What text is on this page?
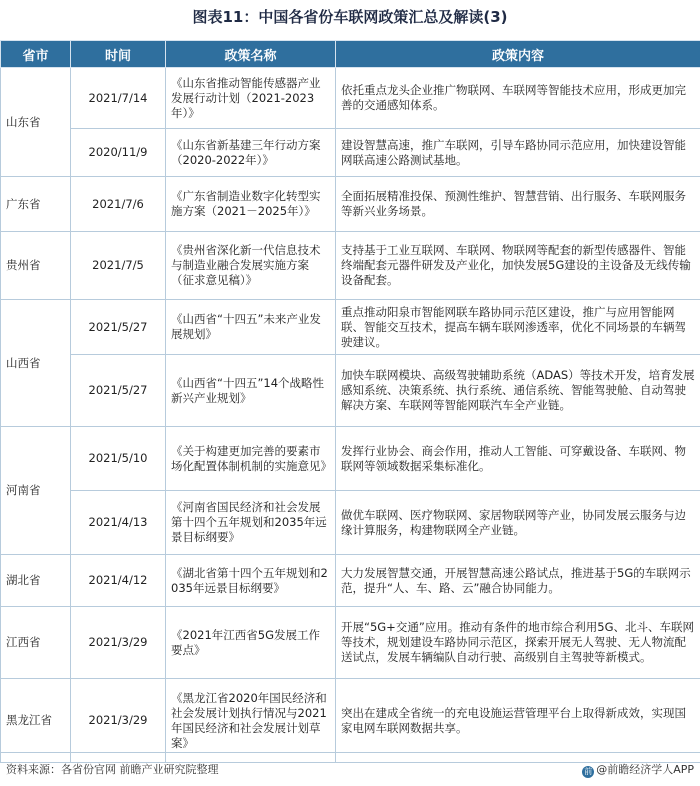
图表11：中国各省份车联网政策汇总及解读(3)
省市	时间	政策名称	政策内容
山东省	2021/7/14	《山东省推动智能传感器产业发展行动计划（2021-2023年）》	依托重点龙头企业推广物联网、车联网等智能技术应用，形成更加完善的交通感知体系。
	2020/11/9	《山东省新基建三年行动方案（2020-2022年）》	建设智慧高速，推广车联网，引导车路协同示范应用，加快建设智能网联高速公路测试基地。
广东省	2021/7/6	《广东省制造业数字化转型实施方案（2021－2025年）》	全面拓展精准投保、预测性维护、智慧营销、出行服务、车联网服务等新兴业务场景。
贵州省	2021/7/5	《贵州省深化新一代信息技术与制造业融合发展实施方案（征求意见稿）》	支持基于工业互联网、车联网、物联网等配套的新型传感器件、智能终端配套元器件研发及产业化，加快发展5G建设的主设备及无线传输设备配套。
山西省	2021/5/27	《山西省“十四五”未来产业发展规划》	重点推动阳泉市智能网联车路协同示范区建设，推广与应用智能网联、智能交互技术，提高车辆车联网渗透率，优化不同场景的车辆驾驶建议。
	2021/5/27	《山西省“十四五”14个战略性新兴产业规划》	加快车联网模块、高级驾驶辅助系统（ADAS）等技术开发，培育发展感知系统、决策系统、执行系统、通信系统、智能驾驶舱、自动驾驶解决方案、车联网等智能网联汽车全产业链。
河南省	2021/5/10	《关于构建更加完善的要素市场化配置体制机制的实施意见》	发挥行业协会、商会作用，推动人工智能、可穿戴设备、车联网、物联网等领域数据采集标准化。
	2021/4/13	《河南省国民经济和社会发展第十四个五年规划和2035年远景目标纲要》	做优车联网、医疗物联网、家居物联网等产业，协同发展云服务与边缘计算服务，构建物联网全产业链。
湖北省	2021/4/12	《湖北省第十四个五年规划和2035年远景目标纲要》	大力发展智慧交通，开展智慧高速公路试点，推进基于5G的车联网示范，提升“人、车、路、云”融合协同能力。
江西省	2021/3/29	《2021年江西省5G发展工作要点》	开展“5G+交通”应用。推动有条件的地市综合利用5G、北斗、车联网等技术，规划建设车路协同示范区，探索开展无人驾驶、无人物流配送试点，发展车辆编队自动行驶、高级别自主驾驶等新模式。
黑龙江省	2021/3/29	《黑龙江省2020年国民经济和社会发展计划执行情况与2021年国民经济和社会发展计划草案》	突出在建成全省统一的充电设施运营管理平台上取得新成效，实现国家电网车联网数据共享。
资料来源：各省份官网 前瞻产业研究院整理	前 @前瞻经济学人APP
